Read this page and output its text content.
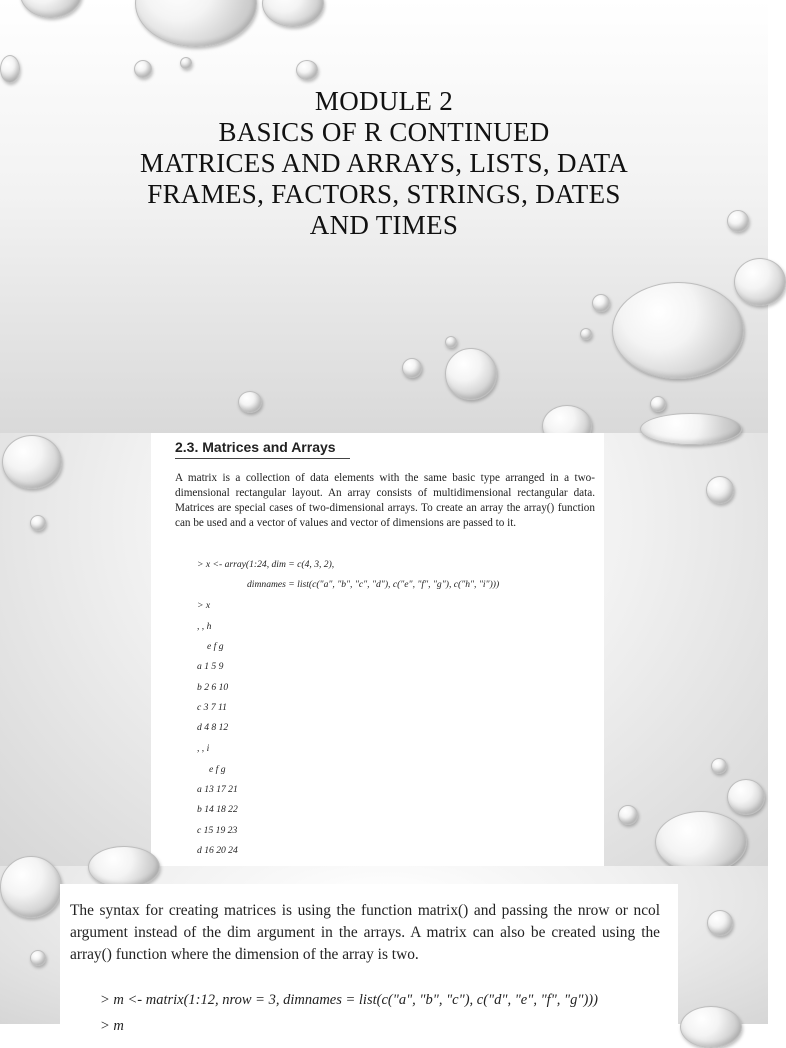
MODULE 2
BASICS OF R CONTINUED
MATRICES AND ARRAYS, LISTS, DATA
FRAMES, FACTORS, STRINGS, DATES
AND TIMES
2.3. Matrices and Arrays
A matrix is a collection of data elements with the same basic type arranged in a two-dimensional rectangular layout. An array consists of multidimensional rectangular data. Matrices are special cases of two-dimensional arrays. To create an array the array() function can be used and a vector of values and vector of dimensions are passed to it.
> x <- array(1:24, dim = c(4, 3, 2),
dimnames = list(c("a", "b", "c", "d"), c("e", "f", "g"), c("h", "i")))
> x
, , h
e f g
a 1 5 9
b 2 6 10
c 3 7 11
d 4 8 12
, , i
e f g
a 13 17 21
b 14 18 22
c 15 19 23
d 16 20 24
The syntax for creating matrices is using the function matrix() and passing the nrow or ncol argument instead of the dim argument in the arrays. A matrix can also be created using the array() function where the dimension of the array is two.
> m <- matrix(1:12, nrow = 3, dimnames = list(c("a", "b", "c"), c("d", "e", "f", "g")))
> m
